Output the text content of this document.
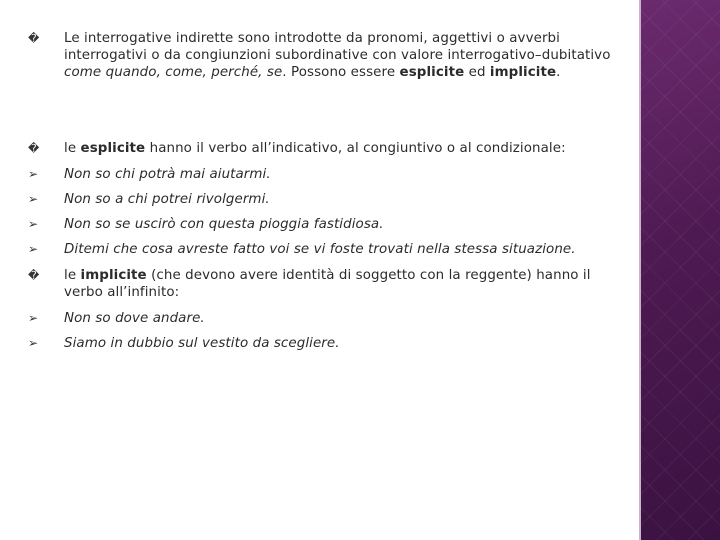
�	Le interrogative indirette sono introdotte da pronomi, aggettivi o avverbi interrogativi o da congiunzioni subordinative con valore interrogativo–dubitativo come quando, come, perché, se. Possono essere esplicite ed implicite.
�	le esplicite hanno il verbo all’indicativo, al congiuntivo o al condizionale:
➢	Non so chi potrà mai aiutarmi.
➢	Non so a chi potrei rivolgermi.
➢	Non so se uscirò con questa pioggia fastidiosa.
➢	Ditemi che cosa avreste fatto voi se vi foste trovati nella stessa situazione.
�	le implicite (che devono avere identità di soggetto con la reggente) hanno il verbo all’infinito:
➢	Non so dove andare.
➢	Siamo in dubbio sul vestito da scegliere.
